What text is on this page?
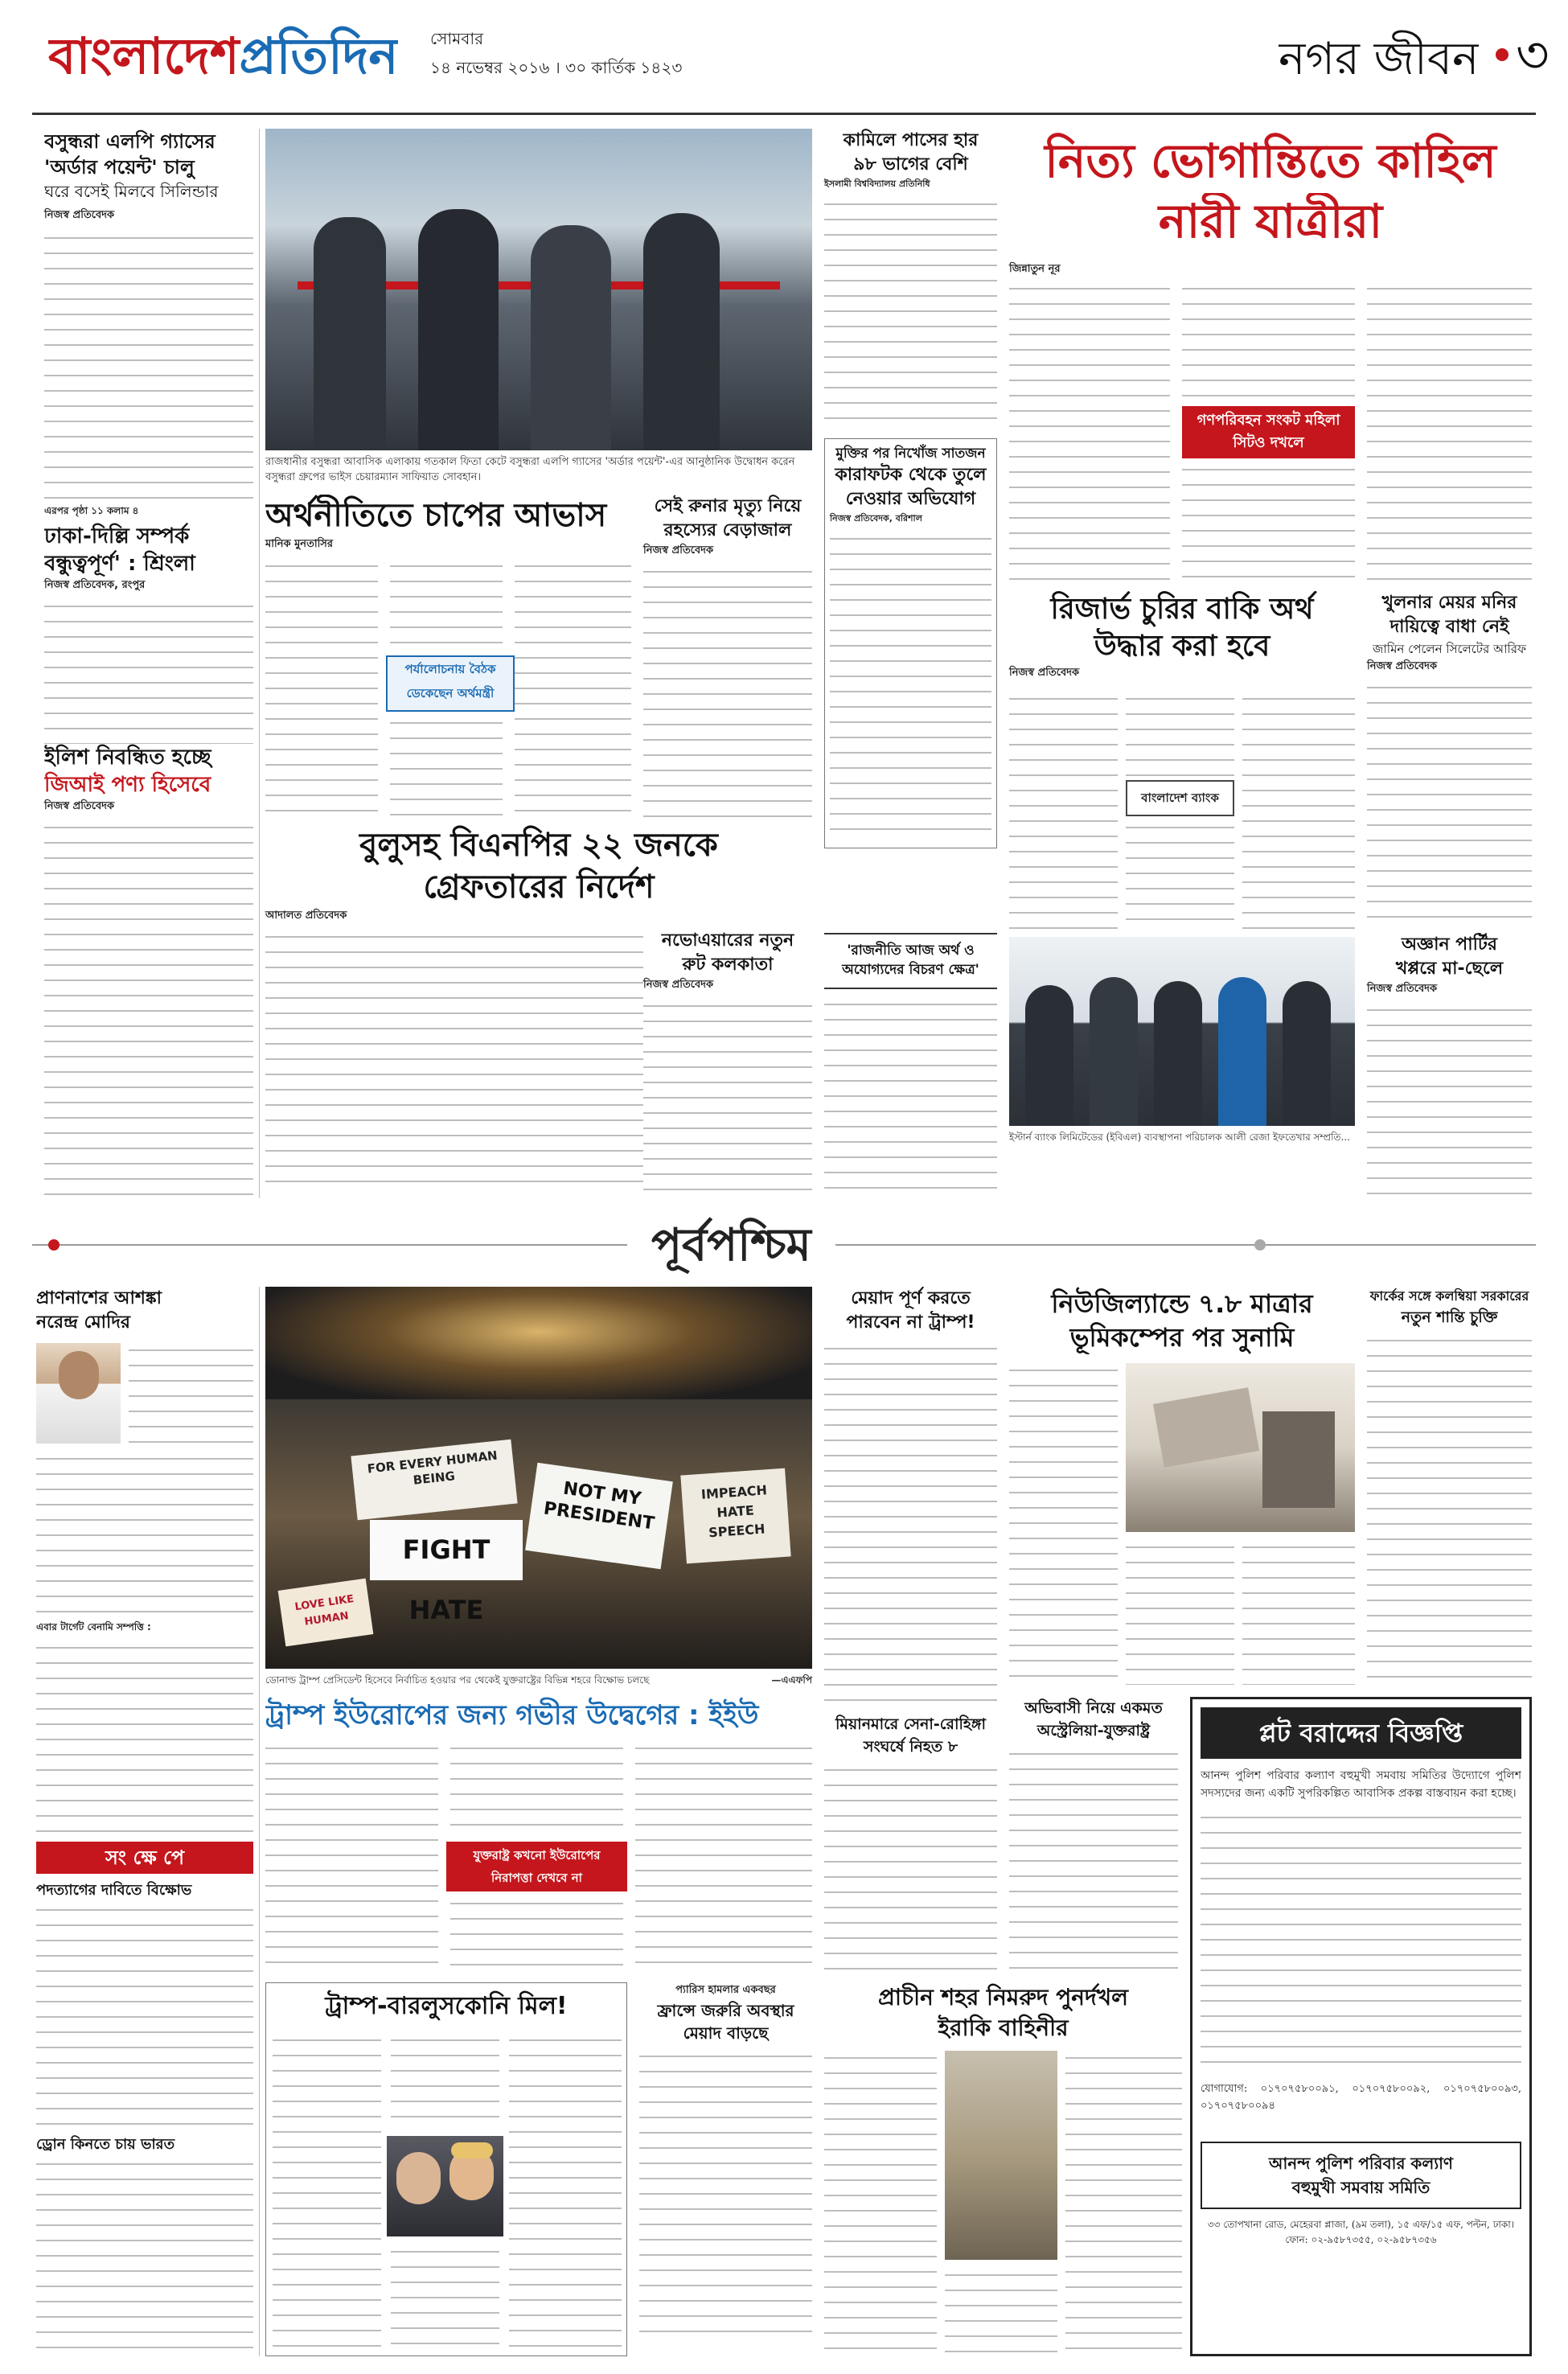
বাংলাদেশপ্রতিদিন সোমবার
১৪ নভেম্বর ২০১৬ । ৩০ কার্তিক ১৪২৩	নগর জীবন ৩
বসুন্ধরা এলপি গ্যাসের
'অর্ডার পয়েন্ট' চালু
ঘরে বসেই মিলবে সিলিন্ডার
নিজস্ব প্রতিবেদক
এরপর পৃষ্ঠা ১১ কলাম ৪
রাজধানীর বসুন্ধরা আবাসিক এলাকায় গতকাল ফিতা কেটে বসুন্ধরা এলপি গ্যাসের 'অর্ডার পয়েন্ট'-এর আনুষ্ঠানিক উদ্বোধন করেন বসুন্ধরা গ্রুপের ভাইস চেয়ারম্যান সাফিয়াত সোবহান।
কামিলে পাসের হার
৯৮ ভাগের বেশি
ইসলামী বিশ্ববিদ্যালয় প্রতিনিধি	নিত্য ভোগান্তিতে কাহিল
নারী যাত্রীরা
জিন্নাতুন নূর
গণপরিবহন সংকট মহিলা সিটও দখলে
ঢাকা-দিল্লি সম্পর্ক
বন্ধুত্বপূর্ণ' : শ্রিংলা
নিজস্ব প্রতিবেদক, রংপুর
ইলিশ নিবন্ধিত হচ্ছে
জিআই পণ্য হিসেবে
নিজস্ব প্রতিবেদক
অর্থনীতিতে চাপের আভাস
মানিক মুনতাসির
পর্যালোচনায় বৈঠক
ডেকেছেন অর্থমন্ত্রী
সেই রুনার মৃত্যু নিয়ে
রহস্যের বেড়াজাল
নিজস্ব প্রতিবেদক
মুক্তির পর নিখোঁজ সাতজন
কারাফটক থেকে তুলে
নেওয়ার অভিযোগ
নিজস্ব প্রতিবেদক, বরিশাল
রিজার্ভ চুরির বাকি অর্থ
উদ্ধার করা হবে
নিজস্ব প্রতিবেদক
বাংলাদেশ ব্যাংক
খুলনার মেয়র মনির
দায়িত্বে বাধা নেই
জামিন পেলেন সিলেটের আরিফ
নিজস্ব প্রতিবেদক
বুলুসহ বিএনপির ২২ জনকে
গ্রেফতারের নির্দেশ
আদালত প্রতিবেদক
'রাজনীতি আজ অর্থ ও অযোগ্যদের বিচরণ ক্ষেত্র'
নভোএয়ারের নতুন
রুট কলকাতা
নিজস্ব প্রতিবেদক
ইস্টার্ন ব্যাংক লিমিটেডের (ইবিএল) ব্যবস্থাপনা পরিচালক আলী রেজা ইফতেখার সম্প্রতি...
অজ্ঞান পার্টির
খপ্পরে মা-ছেলে
নিজস্ব প্রতিবেদক
পূর্বপশ্চিম
প্রাণনাশের আশঙ্কা
নরেন্দ্র মোদির
এবার টার্গেট বেনামি সম্পত্তি :
সং ক্ষে পে
পদত্যাগের দাবিতে বিক্ষোভ
ড্রোন কিনতে চায় ভারত
FOR EVERY HUMAN BEING
FIGHT HATE
NOT MY PRESIDENT
IMPEACH HATE SPEECH
LOVE LIKE HUMAN
ডোনাল্ড ট্রাম্প প্রেসিডেন্ট হিসেবে নির্বাচিত হওয়ার পর থেকেই যুক্তরাষ্ট্রের বিভিন্ন শহরে বিক্ষোভ চলছে	—এএফপি
ট্রাম্প ইউরোপের জন্য গভীর উদ্বেগের : ইইউ
যুক্তরাষ্ট্র কখনো ইউরোপের
নিরাপত্তা দেখবে না
ট্রাম্প-বারলুসকোনি মিল!
প্যারিস হামলার একবছর
ফ্রান্সে জরুরি অবস্থার
মেয়াদ বাড়ছে
মেয়াদ পূর্ণ করতে
পারবেন না ট্রাম্প!
মিয়ানমারে সেনা-রোহিঙ্গা
সংঘর্ষে নিহত ৮
নিউজিল্যান্ডে ৭.৮ মাত্রার
ভূমিকম্পের পর সুনামি
অভিবাসী নিয়ে একমত
অস্ট্রেলিয়া-যুক্তরাষ্ট্র
ফার্কের সঙ্গে কলম্বিয়া সরকারের
নতুন শান্তি চুক্তি
প্লট বরাদ্দের বিজ্ঞপ্তি
আনন্দ পুলিশ পরিবার কল্যাণ বহুমুখী সমবায় সমিতির উদ্যোগে পুলিশ সদস্যদের জন্য একটি সুপরিকল্পিত আবাসিক প্রকল্প বাস্তবায়ন করা হচ্ছে।
যোগাযোগ: ০১৭০৭৫৮০০৯১, ০১৭০৭৫৮০০৯২, ০১৭০৭৫৮০০৯৩, ০১৭০৭৫৮০০৯৪
আনন্দ পুলিশ পরিবার কল্যাণ
বহুমুখী সমবায় সমিতি
৩৩ তোপখানা রোড, মেহেরবা প্লাজা, (৯ম তলা), ১৫ এফ/১৫ এফ, পল্টন, ঢাকা। ফোন: ০২-৯৫৮৭৩৫৫, ০২-৯৫৮৭৩৫৬
প্রাচীন শহর নিমরুদ পুনর্দখল
ইরাকি বাহিনীর
